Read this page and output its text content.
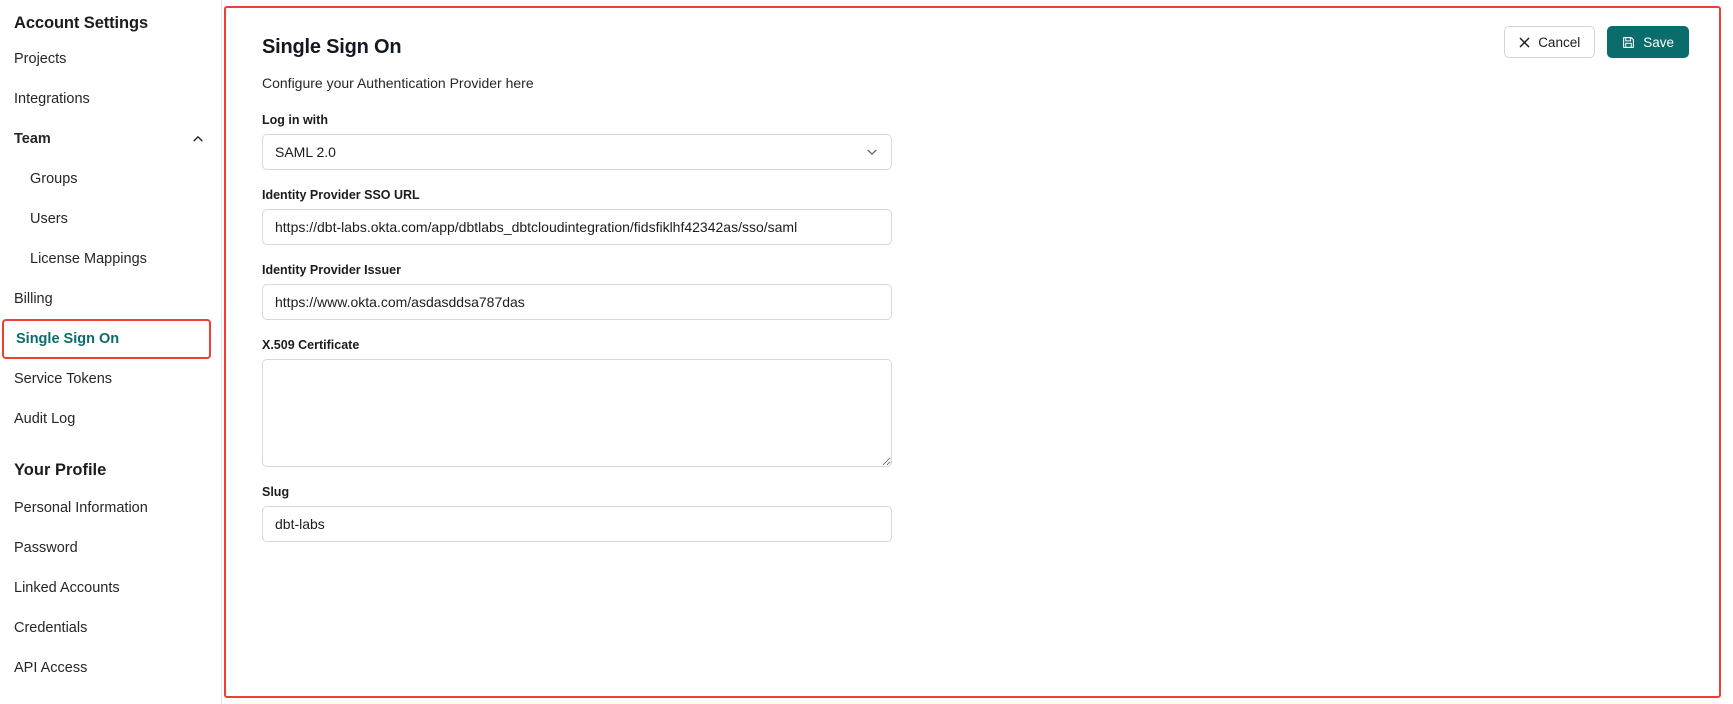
Account Settings
Projects
Integrations
Team
Groups
Users
License Mappings
Billing
Single Sign On
Service Tokens
Audit Log
Your Profile
Personal Information
Password
Linked Accounts
Credentials
API Access
Cancel	Save
Single Sign On

Configure your Authentication Provider here

Log in with
SAML 2.0
Identity Provider SSO URL
https://dbt-labs.okta.com/app/dbtlabs_dbtcloudintegration/fidsfiklhf42342as/sso/saml
Identity Provider Issuer
https://www.okta.com/asdasddsa787das
X.509 Certificate
Slug
dbt-labs
